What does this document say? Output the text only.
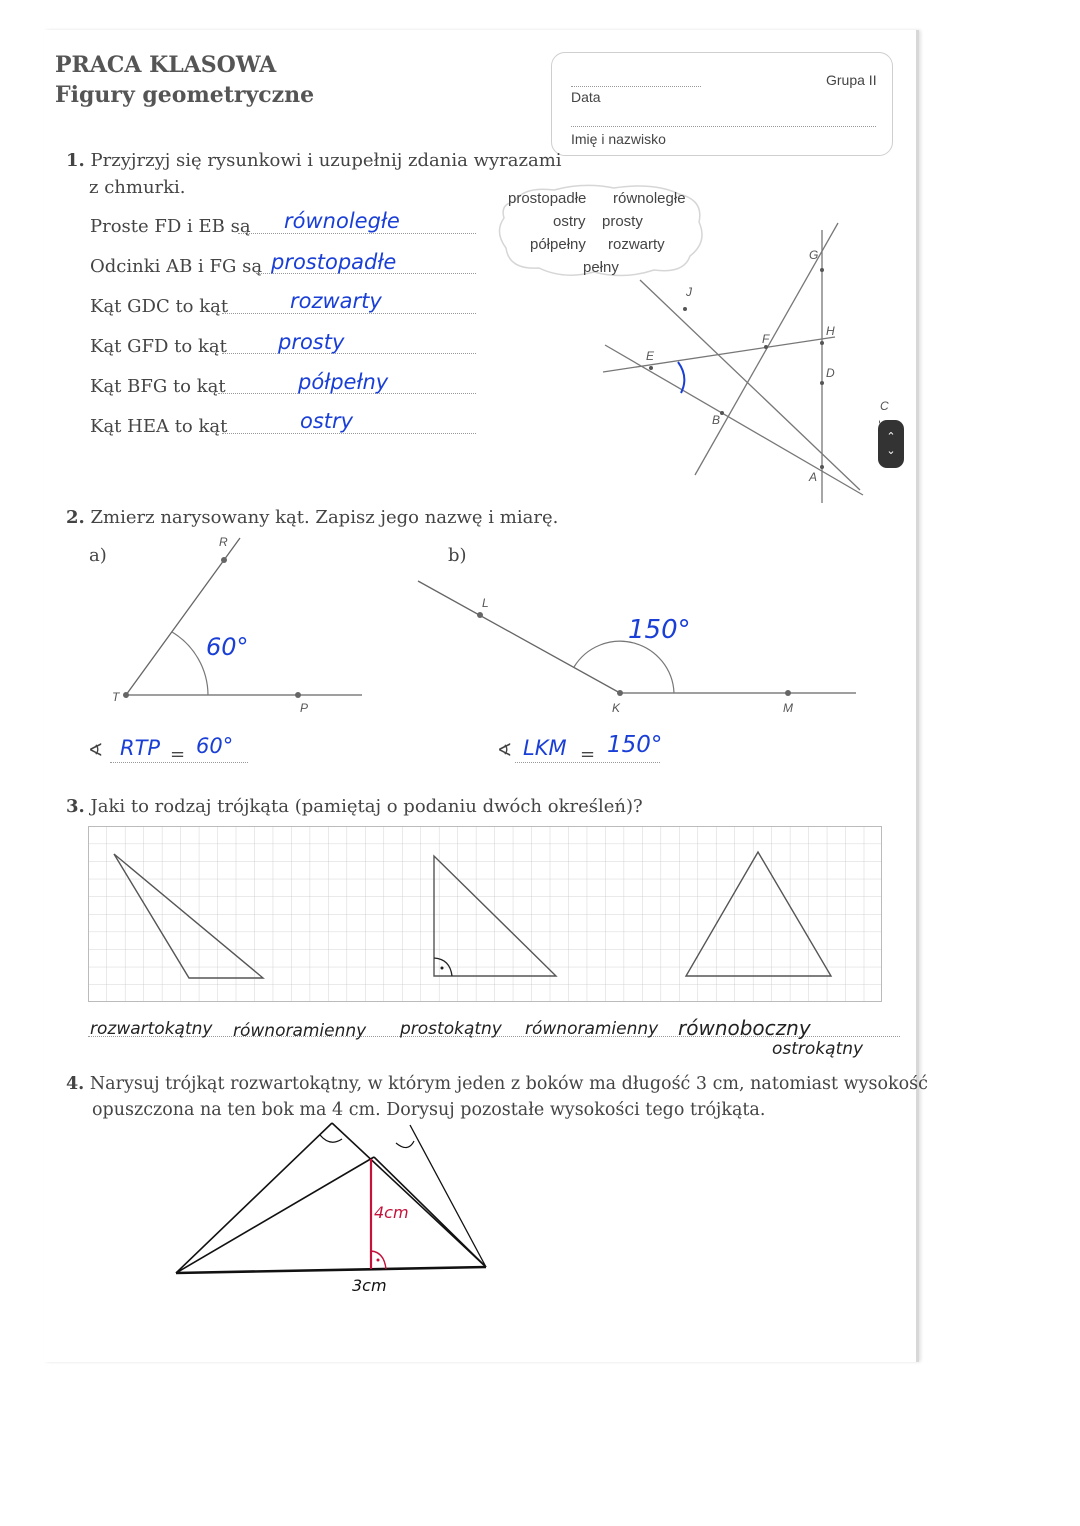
PRACA KLASOWA
Figury geometryczne	Data
Grupa II
Imię i nazwisko
1. Przyjrzyj się rysunkowi i uzupełnij zdania wyrazami
z chmurki.
prostopadłe równoległe
ostry prosty
półpełny rozwarty
pełny
Proste FD i EB są równoległe
Odcinki AB i FG są prostopadłe
Kąt GDC to kąt	rozwarty
Kąt GFD to kąt prosty
Kąt BFG to kąt	półpełny
Kąt HEA to kąt	ostry
J
G
E
F
H
D
C
B
A
⌃
⌄
2. Zmierz narysowany kąt. Zapisz jego nazwę i miarę.
a)	b)
R
T
P
60°
L
K	M
150°
∢ RTP = 60°	∢ LKM = 150°
3. Jaki to rodzaj trójkąta (pamiętaj o podaniu dwóch określeń)?
rozwartokątny równoramienny prostokątny równoramienny równoboczny
ostrokątny
4. Narysuj trójkąt rozwartokątny, w którym jeden z boków ma długość 3 cm, natomiast wysokość
opuszczona na ten bok ma 4 cm. Dorysuj pozostałe wysokości tego trójkąta.
4cm
3cm
